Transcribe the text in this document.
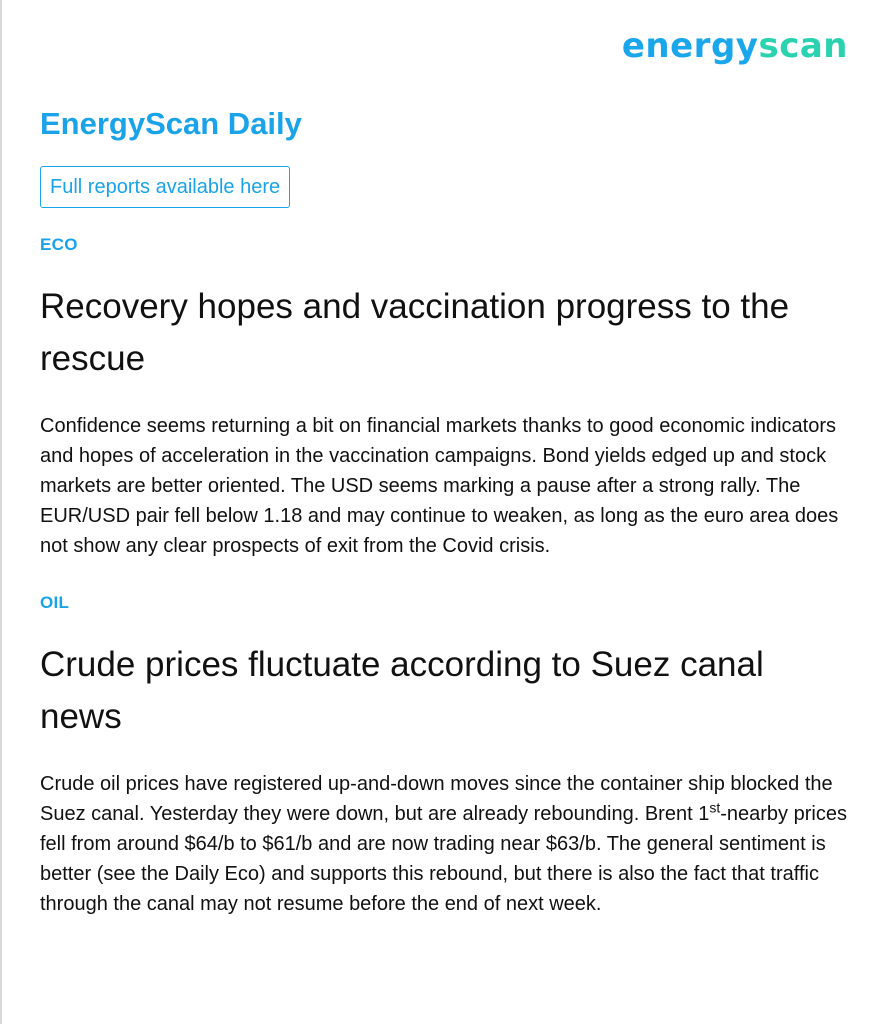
energyscan
EnergyScan Daily
Full reports available here
ECO
Recovery hopes and vaccination progress to the rescue

Confidence seems returning a bit on financial markets thanks to good economic indicators and hopes of acceleration in the vaccination campaigns. Bond yields edged up and stock markets are better oriented. The USD seems marking a pause after a strong rally. The EUR/USD pair fell below 1.18 and may continue to weaken, as long as the euro area does not show any clear prospects of exit from the Covid crisis.

OIL
Crude prices fluctuate according to Suez canal news

Crude oil prices have registered up-and-down moves since the container ship blocked the Suez canal. Yesterday they were down, but are already rebounding. Brent 1st-nearby prices fell from around $64/b to $61/b and are now trading near $63/b. The general sentiment is better (see the Daily Eco) and supports this rebound, but there is also the fact that traffic through the canal may not resume before the end of next week.
